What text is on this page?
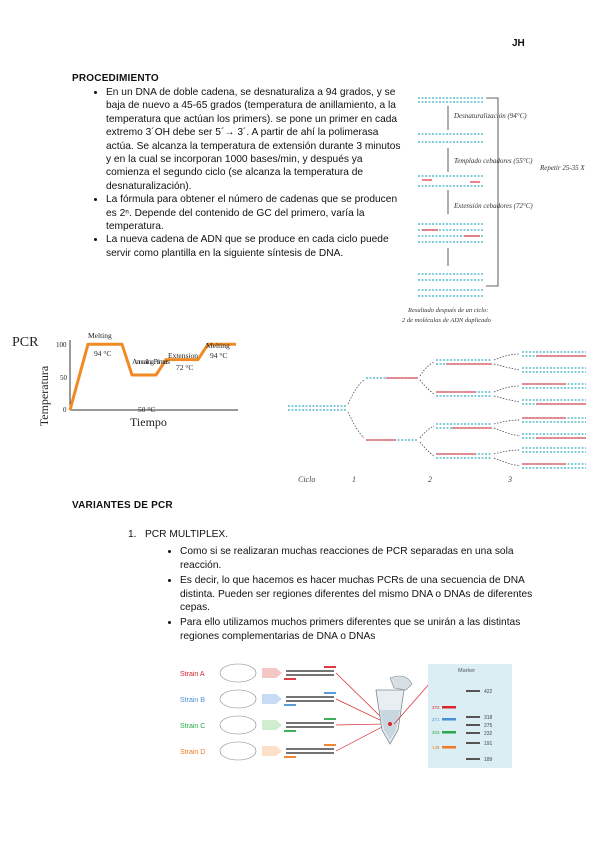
JH
PROCEDIMIENTO
• En un DNA de doble cadena, se desnaturaliza a 94 grados, y se baja de nuevo a 45-65 grados (temperatura de anillamiento, a la temperatura que actúan los primers). se pone un primer en cada extremo 3´OH debe ser 5´→ 3´. A partir de ahí la polimerasa actúa. Se alcanza la temperatura de extensión durante 3 minutos y en la cual se incorporan 1000 bases/min, y después ya comienza el segundo ciclo (se alcanza la temperatura de desnaturalización).
• La fórmula para obtener el número de cadenas que se producen es 2ⁿ. Depende del contenido de GC del primero, varía la temperatura.
• La nueva cadena de ADN que se produce en cada ciclo puede servir como plantilla en la siguiente síntesis de DNA.
Desnaturalización (94°C)
Templado cebadores (55°C)
Extensión cebadores (72°C)
Repetir 25-35 X
Resultado después de un ciclo:
2 de moléculas de ADN duplicado
PCR
Temperatura
100
50
0
Melting
94 °C
Annealing Primers
50 °C
Extension
72 °C
Melting
94 °C
Tiempo
Ciclo	1	2	3
VARIANTES DE PCR
1. PCR MULTIPLEX.
• Como si se realizaran muchas reacciones de PCR separadas en una sola reacción.
• Es decir, lo que hacemos es hacer muchas PCRs de una secuencia de DNA distinta. Pueden ser regiones diferentes del mismo DNA o DNAs de diferentes cepas.
• Para ello utilizamos muchos primers diferentes que se unirán a las distintas regiones complementarias de DNA o DNAs
Strain A
Strain B
Strain C
Strain D
Marker
422
318
275
232
191
189
372
271
203
145
